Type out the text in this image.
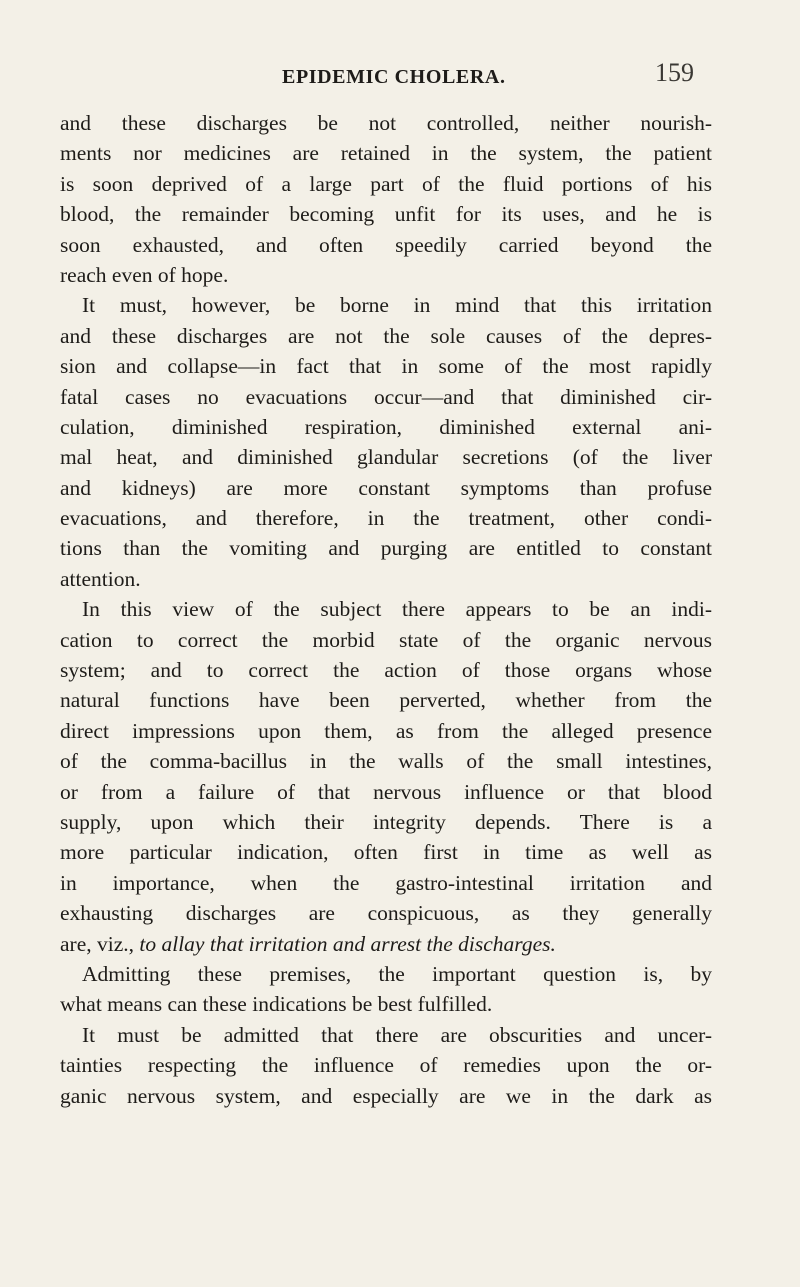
EPIDEMIC CHOLERA.	159
and these discharges be not controlled, neither nourish-
ments nor medicines are retained in the system, the patient
is soon deprived of a large part of the fluid portions of his
blood, the remainder becoming unfit for its uses, and he is
soon exhausted, and often speedily carried beyond the
reach even of hope.
It must, however, be borne in mind that this irritation
and these discharges are not the sole causes of the depres-
sion and collapse—in fact that in some of the most rapidly
fatal cases no evacuations occur—and that diminished cir-
culation, diminished respiration, diminished external ani-
mal heat, and diminished glandular secretions (of the liver
and kidneys) are more constant symptoms than profuse
evacuations, and therefore, in the treatment, other condi-
tions than the vomiting and purging are entitled to constant
attention.
In this view of the subject there appears to be an indi-
cation to correct the morbid state of the organic nervous
system; and to correct the action of those organs whose
natural functions have been perverted, whether from the
direct impressions upon them, as from the alleged presence
of the comma-bacillus in the walls of the small intestines,
or from a failure of that nervous influence or that blood
supply, upon which their integrity depends. There is a
more particular indication, often first in time as well as
in importance, when the gastro-intestinal irritation and
exhausting discharges are conspicuous, as they generally
are, viz., to allay that irritation and arrest the discharges.
Admitting these premises, the important question is, by
what means can these indications be best fulfilled.
It must be admitted that there are obscurities and uncer-
tainties respecting the influence of remedies upon the or-
ganic nervous system, and especially are we in the dark as
